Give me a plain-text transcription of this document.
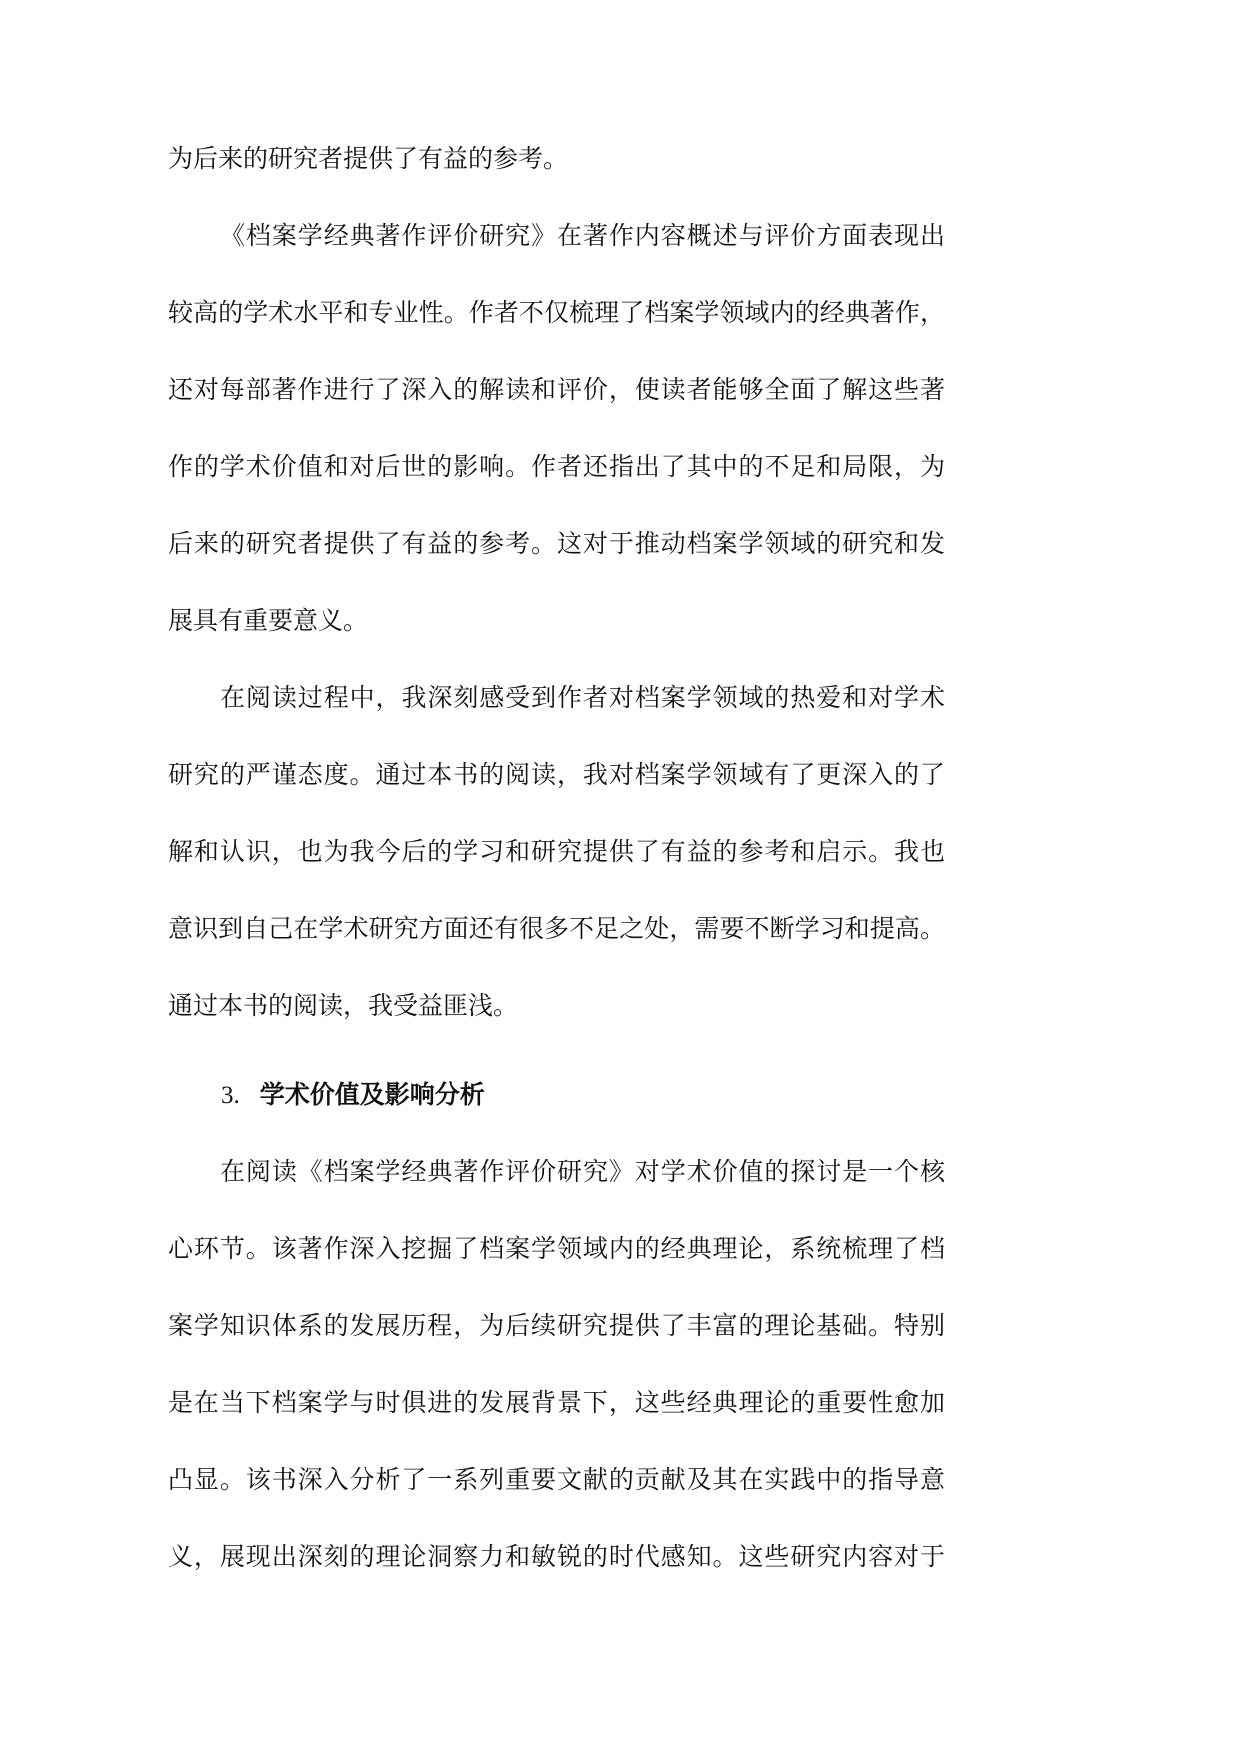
为后来的研究者提供了有益的参考。
《档案学经典著作评价研究》在著作内容概述与评价方面表现出
较高的学术水平和专业性。作者不仅梳理了档案学领域内的经典著作，
还对每部著作进行了深入的解读和评价，使读者能够全面了解这些著
作的学术价值和对后世的影响。作者还指出了其中的不足和局限，为
后来的研究者提供了有益的参考。这对于推动档案学领域的研究和发
展具有重要意义。
在阅读过程中，我深刻感受到作者对档案学领域的热爱和对学术
研究的严谨态度。通过本书的阅读，我对档案学领域有了更深入的了
解和认识，也为我今后的学习和研究提供了有益的参考和启示。我也
意识到自己在学术研究方面还有很多不足之处，需要不断学习和提高。
通过本书的阅读，我受益匪浅。
3. 学术价值及影响分析
在阅读《档案学经典著作评价研究》对学术价值的探讨是一个核
心环节。该著作深入挖掘了档案学领域内的经典理论，系统梳理了档
案学知识体系的发展历程，为后续研究提供了丰富的理论基础。特别
是在当下档案学与时俱进的发展背景下，这些经典理论的重要性愈加
凸显。该书深入分析了一系列重要文献的贡献及其在实践中的指导意
义，展现出深刻的理论洞察力和敏锐的时代感知。这些研究内容对于
